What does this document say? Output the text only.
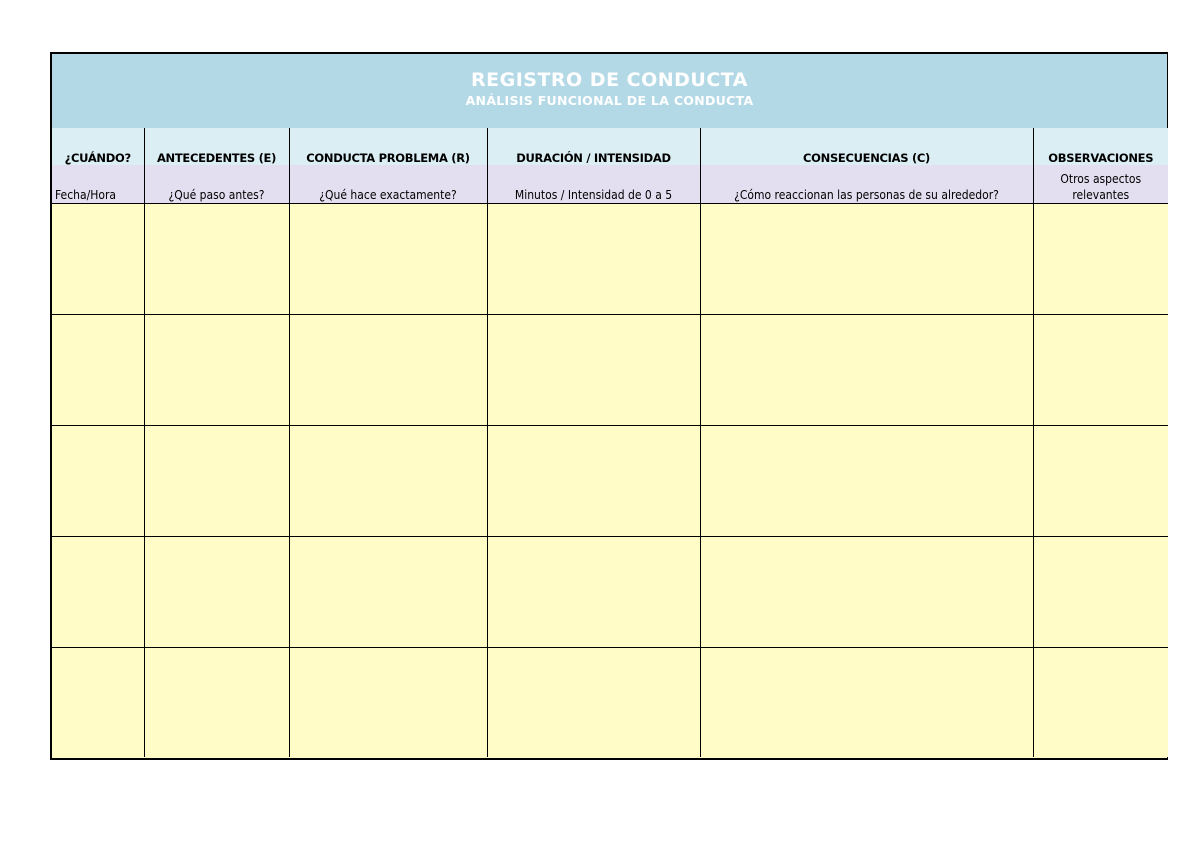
REGISTRO DE CONDUCTA
ANÁLISIS FUNCIONAL DE LA CONDUCTA
¿CUÁNDO?	ANTECEDENTES (E)	CONDUCTA PROBLEMA (R)	DURACIÓN / INTENSIDAD	CONSECUENCIAS (C)	OBSERVACIONES
Fecha/Hora	¿Qué paso antes?	¿Qué hace exactamente?	Minutos / Intensidad de 0 a 5	¿Cómo reaccionan las personas de su alrededor?	Otros aspectos relevantes
